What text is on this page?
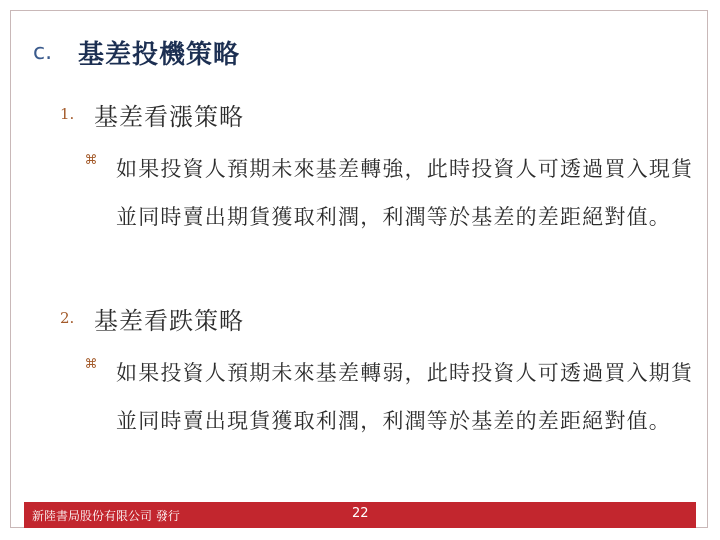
c. 基差投機策略
1. 基差看漲策略
⌘ 如果投資人預期未來基差轉強，此時投資人可透過買入現貨並同時賣出期貨獲取利潤，利潤等於基差的差距絕對值。
2. 基差看跌策略
⌘ 如果投資人預期未來基差轉弱，此時投資人可透過買入期貨並同時賣出現貨獲取利潤，利潤等於基差的差距絕對值。
新陸書局股份有限公司 發行	22
